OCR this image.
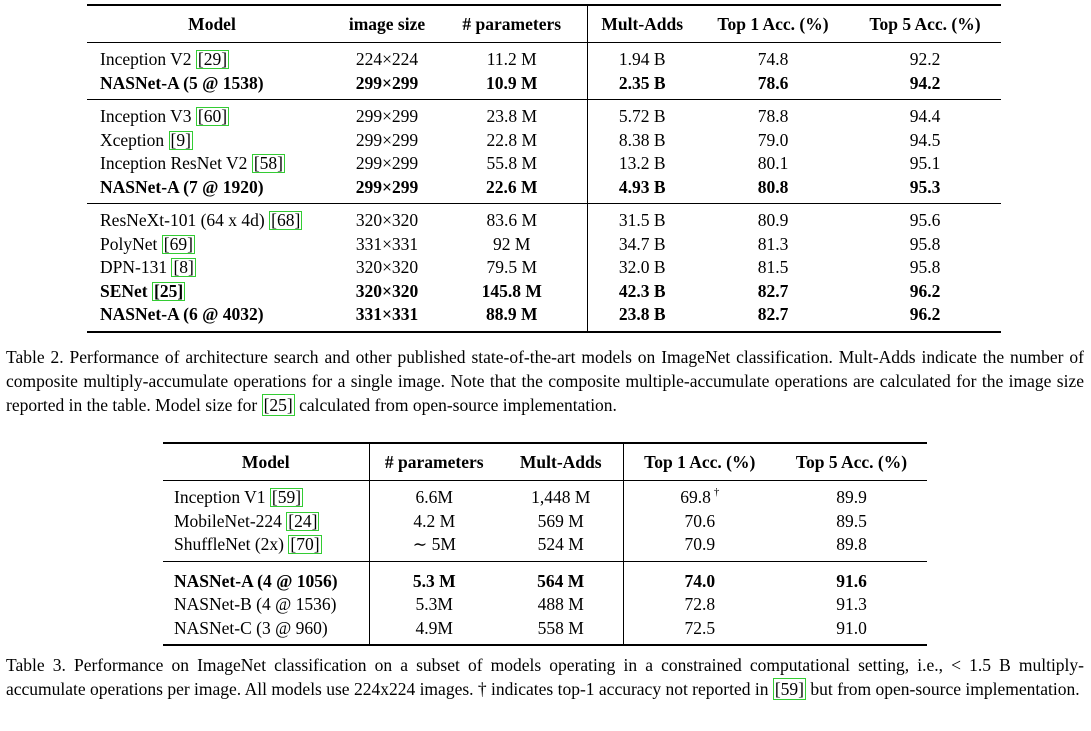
Model	image size	# parameters	Mult-Adds	Top 1 Acc. (%)	Top 5 Acc. (%)
Inception V2 [29]	224×224	11.2 M	1.94 B	74.8	92.2
NASNet-A (5 @ 1538)	299×299	10.9 M	2.35 B	78.6	94.2
Inception V3 [60]	299×299	23.8 M	5.72 B	78.8	94.4
Xception [9]	299×299	22.8 M	8.38 B	79.0	94.5
Inception ResNet V2 [58]	299×299	55.8 M	13.2 B	80.1	95.1
NASNet-A (7 @ 1920)	299×299	22.6 M	4.93 B	80.8	95.3
ResNeXt-101 (64 x 4d) [68]	320×320	83.6 M	31.5 B	80.9	95.6
PolyNet [69]	331×331	92 M	34.7 B	81.3	95.8
DPN-131 [8]	320×320	79.5 M	32.0 B	81.5	95.8
SENet [25]	320×320	145.8 M	42.3 B	82.7	96.2
NASNet-A (6 @ 4032)	331×331	88.9 M	23.8 B	82.7	96.2
Table 2. Performance of architecture search and other published state-of-the-art models on ImageNet classification. Mult-Adds indicate the number of composite multiply-accumulate operations for a single image. Note that the composite multiple-accumulate operations are calculated for the image size reported in the table. Model size for [25] calculated from open-source implementation.
Model	# parameters	Mult-Adds	Top 1 Acc. (%)	Top 5 Acc. (%)
Inception V1 [59]	6.6M	1,448 M	69.8 †	89.9
MobileNet-224 [24]	4.2 M	569 M	70.6	89.5
ShuffleNet (2x) [70]	∼ 5M	524 M	70.9	89.8
NASNet-A (4 @ 1056)	5.3 M	564 M	74.0	91.6
NASNet-B (4 @ 1536)	5.3M	488 M	72.8	91.3
NASNet-C (3 @ 960)	4.9M	558 M	72.5	91.0
Table 3. Performance on ImageNet classification on a subset of models operating in a constrained computational setting, i.e., < 1.5 B multiply-accumulate operations per image. All models use 224x224 images. † indicates top-1 accuracy not reported in [59] but from open-source implementation.
